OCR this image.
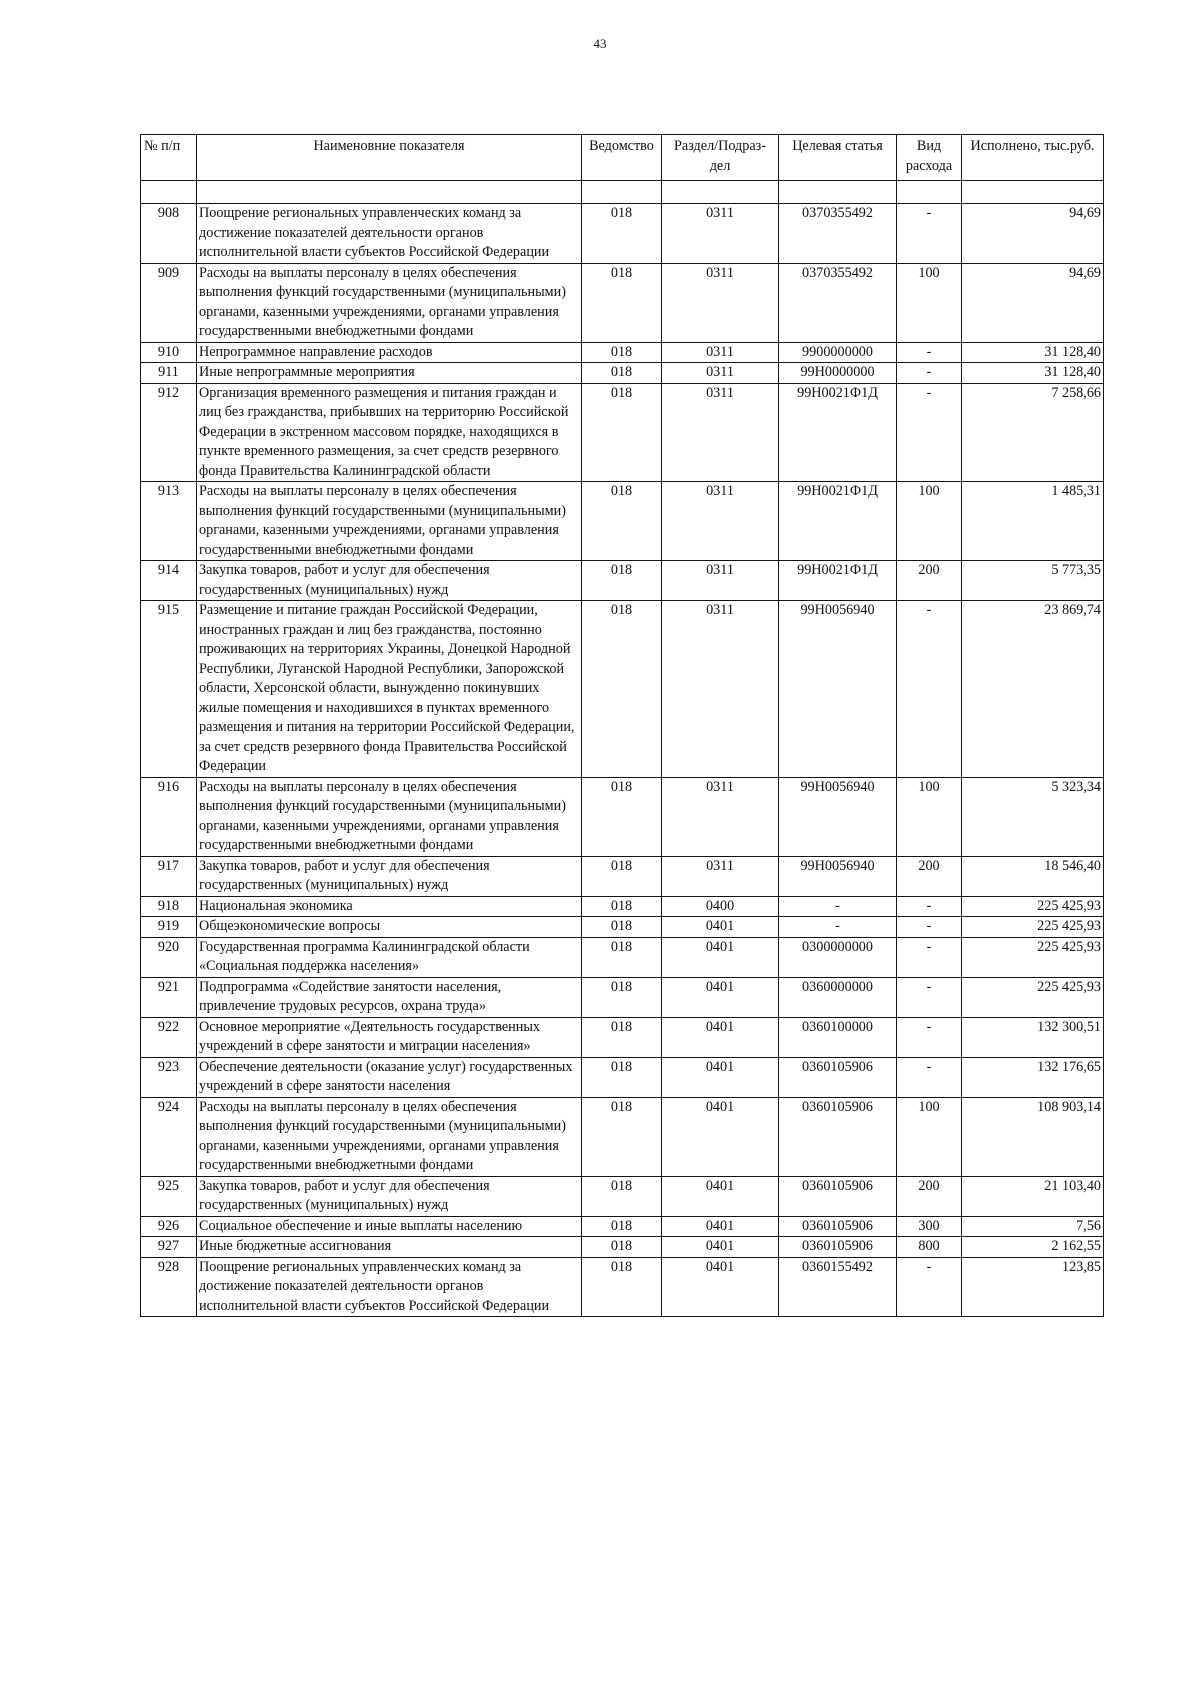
43
№ п/п	Наименовние показателя	Ведомство	Раздел/Подраз-дел	Целевая статья	Вид расхода	Исполнено, тыс.руб.

908	Поощрение региональных управленческих команд за достижение показателей деятельности органов исполнительной власти субъектов Российской Федерации	018	0311	0370355492	-	94,69
909	Расходы на выплаты персоналу в целях обеспечения выполнения функций государственными (муниципальными) органами, казенными учреждениями, органами управления государственными внебюджетными фондами	018	0311	0370355492	100	94,69
910	Непрограммное направление расходов	018	0311	9900000000	-	31 128,40
911	Иные непрограммные мероприятия	018	0311	99Н0000000	-	31 128,40
912	Организация временного размещения и питания граждан и лиц без гражданства, прибывших на территорию Российской Федерации в экстренном массовом порядке, находящихся в пункте временного размещения, за счет средств резервного фонда Правительства Калининградской области	018	0311	99Н0021Ф1Д	-	7 258,66
913	Расходы на выплаты персоналу в целях обеспечения выполнения функций государственными (муниципальными) органами, казенными учреждениями, органами управления государственными внебюджетными фондами	018	0311	99Н0021Ф1Д	100	1 485,31
914	Закупка товаров, работ и услуг для обеспечения государственных (муниципальных) нужд	018	0311	99Н0021Ф1Д	200	5 773,35
915	Размещение и питание граждан Российской Федерации, иностранных граждан и лиц без гражданства, постоянно проживающих на территориях Украины, Донецкой Народной Республики, Луганской Народной Республики, Запорожской области, Херсонской области, вынужденно покинувших жилые помещения и находившихся в пунктах временного размещения и питания на территории Российской Федерации, за счет средств резервного фонда Правительства Российской Федерации	018	0311	99Н0056940	-	23 869,74
916	Расходы на выплаты персоналу в целях обеспечения выполнения функций государственными (муниципальными) органами, казенными учреждениями, органами управления государственными внебюджетными фондами	018	0311	99Н0056940	100	5 323,34
917	Закупка товаров, работ и услуг для обеспечения государственных (муниципальных) нужд	018	0311	99Н0056940	200	18 546,40
918	Национальная экономика	018	0400	-	-	225 425,93
919	Общеэкономические вопросы	018	0401	-	-	225 425,93
920	Государственная программа Калининградской области «Социальная поддержка населения»	018	0401	0300000000	-	225 425,93
921	Подпрограмма «Содействие занятости населения, привлечение трудовых ресурсов, охрана труда»	018	0401	0360000000	-	225 425,93
922	Основное мероприятие «Деятельность государственных учреждений в сфере занятости и миграции населения»	018	0401	0360100000	-	132 300,51
923	Обеспечение деятельности (оказание услуг) государственных учреждений в сфере занятости населения	018	0401	0360105906	-	132 176,65
924	Расходы на выплаты персоналу в целях обеспечения выполнения функций государственными (муниципальными) органами, казенными учреждениями, органами управления государственными внебюджетными фондами	018	0401	0360105906	100	108 903,14
925	Закупка товаров, работ и услуг для обеспечения государственных (муниципальных) нужд	018	0401	0360105906	200	21 103,40
926	Социальное обеспечение и иные выплаты населению	018	0401	0360105906	300	7,56
927	Иные бюджетные ассигнования	018	0401	0360105906	800	2 162,55
928	Поощрение региональных управленческих команд за достижение показателей деятельности органов исполнительной власти субъектов Российской Федерации	018	0401	0360155492	-	123,85
